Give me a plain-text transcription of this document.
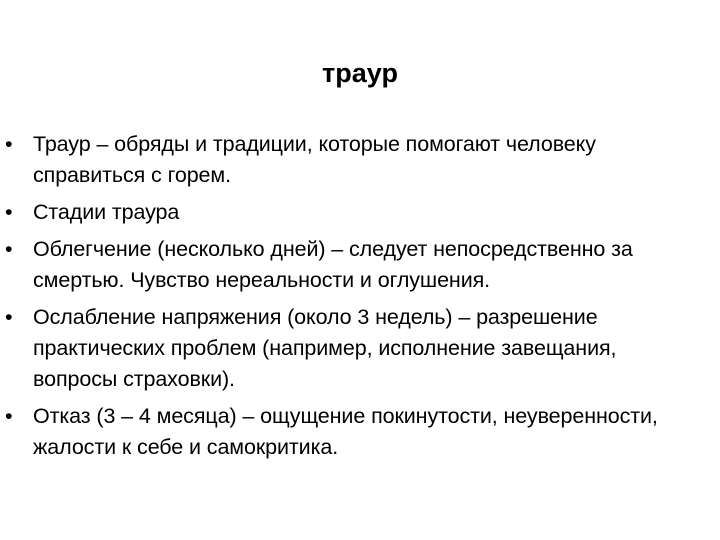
траур
• Траур – обряды и традиции, которые помогают человеку справиться с горем.
• Стадии траура
• Облегчение (несколько дней) – следует непосредственно за смертью. Чувство нереальности и оглушения.
• Ослабление напряжения (около 3 недель) – разрешение практических проблем (например, исполнение завещания, вопросы страховки).
• Отказ (3 – 4 месяца) – ощущение покинутости, неуверенности, жалости к себе и самокритика.
